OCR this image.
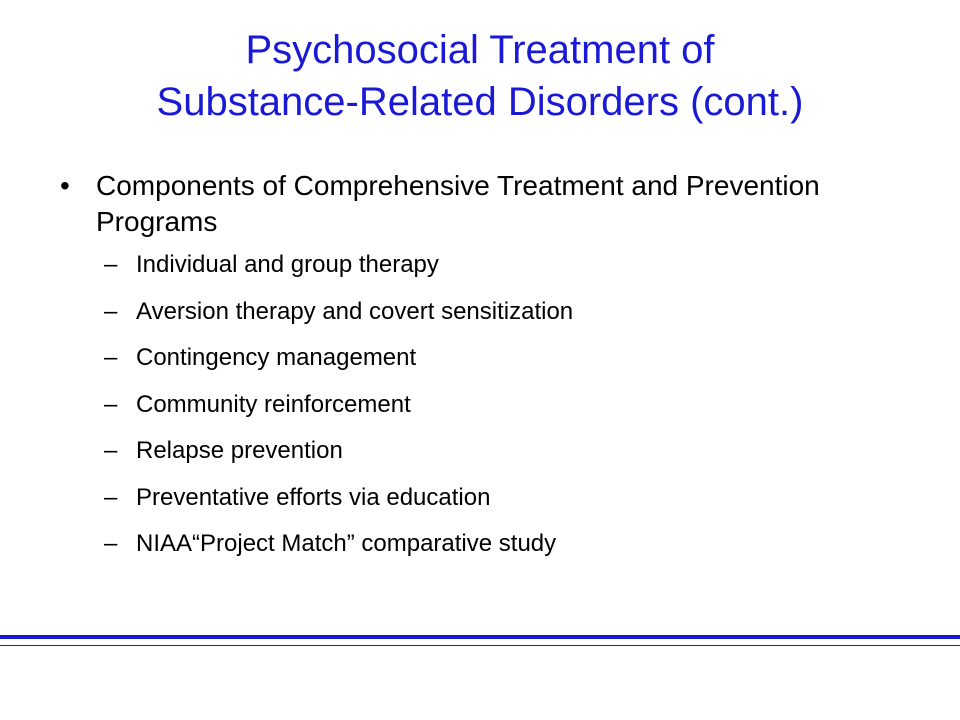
Psychosocial Treatment of
Substance-Related Disorders (cont.)
• Components of Comprehensive Treatment and Prevention Programs
– Individual and group therapy
– Aversion therapy and covert sensitization
– Contingency management
– Community reinforcement
– Relapse prevention
– Preventative efforts via education
– NIAA“Project Match” comparative study
